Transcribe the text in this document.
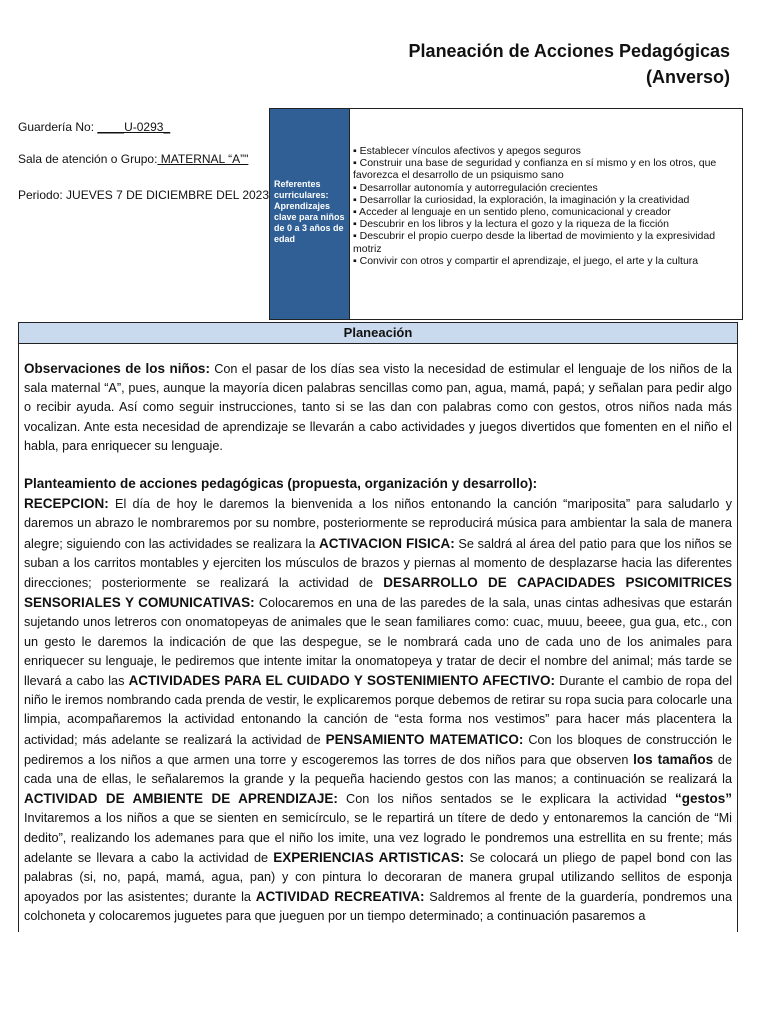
Planeación de Acciones Pedagógicas
(Anverso)
Guardería No: ____U-0293_
Sala de atención o Grupo: MATERNAL “A”"
Periodo: JUEVES 7 DE DICIEMBRE DEL 2023
Referentes curriculares: Aprendizajes clave para niños de 0 a 3 años de edad
▪ Establecer vínculos afectivos y apegos seguros
▪ Construir una base de seguridad y confianza en sí mismo y en los otros, que favorezca el desarrollo de un psiquismo sano
▪ Desarrollar autonomía y autorregulación crecientes
▪ Desarrollar la curiosidad, la exploración, la imaginación y la creatividad
▪ Acceder al lenguaje en un sentido pleno, comunicacional y creador
▪ Descubrir en los libros y la lectura el gozo y la riqueza de la ficción
▪ Descubrir el propio cuerpo desde la libertad de movimiento y la expresividad motriz
▪ Convivir con otros y compartir el aprendizaje, el juego, el arte y la cultura
Planeación

Observaciones de los niños: Con el pasar de los días sea visto la necesidad de estimular el lenguaje de los niños de la sala maternal “A”, pues, aunque la mayoría dicen palabras sencillas como pan, agua, mamá, papá; y señalan para pedir algo o recibir ayuda. Así como seguir instrucciones, tanto si se las dan con palabras como con gestos, otros niños nada más vocalizan. Ante esta necesidad de aprendizaje se llevarán a cabo actividades y juegos divertidos que fomenten en el niño el habla, para enriquecer su lenguaje.

Planteamiento de acciones pedagógicas (propuesta, organización y desarrollo):
RECEPCION: El día de hoy le daremos la bienvenida a los niños entonando la canción “mariposita” para saludarlo y daremos un abrazo le nombraremos por su nombre, posteriormente se reproducirá música para ambientar la sala de manera alegre; siguiendo con las actividades se realizara la ACTIVACION FISICA: Se saldrá al área del patio para que los niños se suban a los carritos montables y ejerciten los músculos de brazos y piernas al momento de desplazarse hacia las diferentes direcciones; posteriormente se realizará la actividad de DESARROLLO DE CAPACIDADES PSICOMITRICES SENSORIALES Y COMUNICATIVAS: Colocaremos en una de las paredes de la sala, unas cintas adhesivas que estarán sujetando unos letreros con onomatopeyas de animales que le sean familiares como: cuac, muuu, beeee, gua gua, etc., con un gesto le daremos la indicación de que las despegue, se le nombrará cada uno de cada uno de los animales para enriquecer su lenguaje, le pediremos que intente imitar la onomatopeya y tratar de decir el nombre del animal; más tarde se llevará a cabo las ACTIVIDADES PARA EL CUIDADO Y SOSTENIMIENTO AFECTIVO: Durante el cambio de ropa del niño le iremos nombrando cada prenda de vestir, le explicaremos porque debemos de retirar su ropa sucia para colocarle una limpia, acompañaremos la actividad entonando la canción de “esta forma nos vestimos” para hacer más placentera la actividad; más adelante se realizará la actividad de PENSAMIENTO MATEMATICO: Con los bloques de construcción le pediremos a los niños a que armen una torre y escogeremos las torres de dos niños para que observen los tamaños de cada una de ellas, le señalaremos la grande y la pequeña haciendo gestos con las manos; a continuación se realizará la ACTIVIDAD DE AMBIENTE DE APRENDIZAJE: Con los niños sentados se le explicara la actividad “gestos” Invitaremos a los niños a que se sienten en semicírculo, se le repartirá un títere de dedo y entonaremos la canción de “Mi dedito”, realizando los ademanes para que el niño los imite, una vez logrado le pondremos una estrellita en su frente; más adelante se llevara a cabo la actividad de EXPERIENCIAS ARTISTICAS: Se colocará un pliego de papel bond con las palabras (si, no, papá, mamá, agua, pan) y con pintura lo decoraran de manera grupal utilizando sellitos de esponja apoyados por las asistentes; durante la ACTIVIDAD RECREATIVA: Saldremos al frente de la guardería, pondremos una colchoneta y colocaremos juguetes para que jueguen por un tiempo determinado; a continuación pasaremos a
